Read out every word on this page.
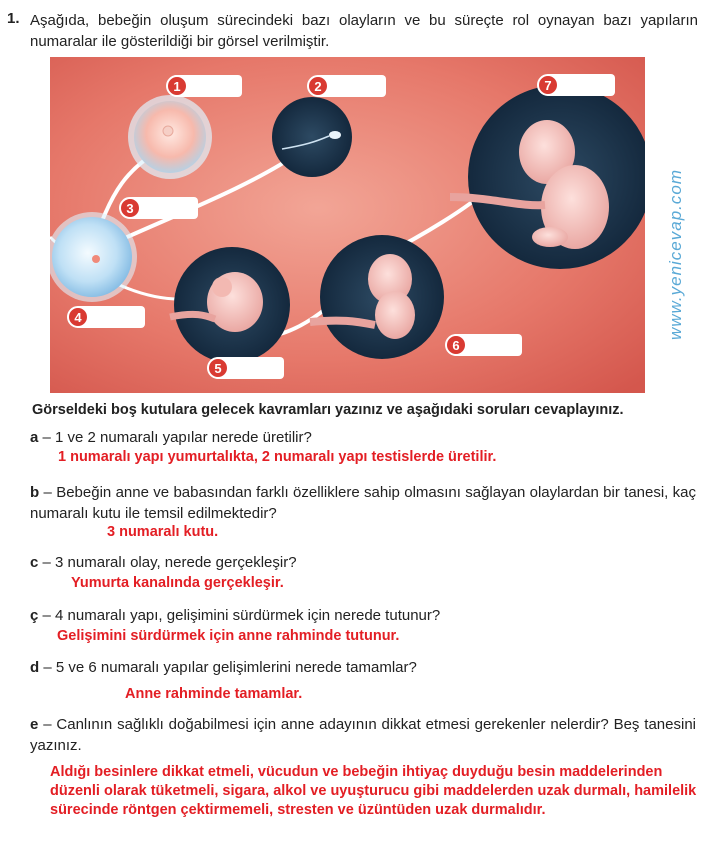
1. Aşağıda, bebeğin oluşum sürecindeki bazı olayların ve bu süreçte rol oynayan bazı yapıların numaralar ile gösterildiği bir görsel verilmiştir.
1	2
3
4
5
6
7
www.yenicevap.com
Görseldeki boş kutulara gelecek kavramları yazınız ve aşağıdaki soruları cevaplayınız.
a – 1 ve 2 numaralı yapılar nerede üretilir?
1 numaralı yapı yumurtalıkta, 2 numaralı yapı testislerde üretilir.
b – Bebeğin anne ve babasından farklı özelliklere sahip olmasını sağlayan olaylardan bir tanesi, kaç numaralı kutu ile temsil edilmektedir?
3 numaralı kutu.
c – 3 numaralı olay, nerede gerçekleşir?
Yumurta kanalında gerçekleşir.
ç – 4 numaralı yapı, gelişimini sürdürmek için nerede tutunur?
Gelişimini sürdürmek için anne rahminde tutunur.
d – 5 ve 6 numaralı yapılar gelişimlerini nerede tamamlar?
Anne rahminde tamamlar.
e – Canlının sağlıklı doğabilmesi için anne adayının dikkat etmesi gerekenler nelerdir? Beş tanesini yazınız.
Aldığı besinlere dikkat etmeli, vücudun ve bebeğin ihtiyaç duyduğu besin maddelerinden düzenli olarak tüketmeli, sigara, alkol ve uyuşturucu gibi maddelerden uzak durmalı, hamilelik sürecinde röntgen çektirmemeli, stresten ve üzüntüden uzak durmalıdır.
